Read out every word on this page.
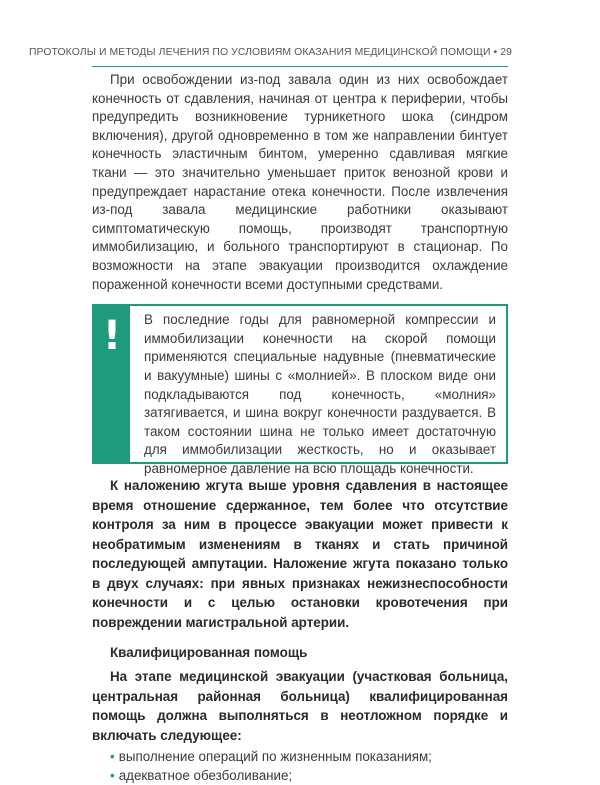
ПРОТОКОЛЫ И МЕТОДЫ ЛЕЧЕНИЯ ПО УСЛОВИЯМ ОКАЗАНИЯ МЕДИЦИНСКОЙ ПОМОЩИ • 29

При освобождении из-под завала один из них освобождает конечность от сдавления, начиная от центра к периферии, чтобы предупредить возникновение турникетного шока (синдром включения), другой одновременно в том же направлении бинтует конечность эластичным бинтом, умеренно сдавливая мягкие ткани — это значительно уменьшает приток венозной крови и предупреждает нарастание отека конечности. После извлечения из-под завала медицинские работники оказывают симптоматическую помощь, производят транспортную иммобилизацию, и больного транспортируют в стационар. По возможности на этапе эвакуации производится охлаждение пораженной конечности всеми доступными средствами.

! В последние годы для равномерной компрессии и иммобилизации конечности на скорой помощи применяются специальные надувные (пневматические и вакуумные) шины с «молнией». В плоском виде они подкладываются под конечность, «молния» затягивается, и шина вокруг конечности раздувается. В таком состоянии шина не только имеет достаточную для иммобилизации жесткость, но и оказывает равномерное давление на всю площадь конечности.

К наложению жгута выше уровня сдавления в настоящее время отношение сдержанное, тем более что отсутствие контроля за ним в процессе эвакуации может привести к необратимым изменениям в тканях и стать причиной последующей ампутации. Наложение жгута показано только в двух случаях: при явных признаках нежизнеспособности конечности и с целью остановки кровотечения при повреждении магистральной артерии.

Квалифицированная помощь

На этапе медицинской эвакуации (участковая больница, центральная районная больница) квалифицированная помощь должна выполняться в неотложном порядке и включать следующее:

• выполнение операций по жизненным показаниям;
• адекватное обезболивание;
